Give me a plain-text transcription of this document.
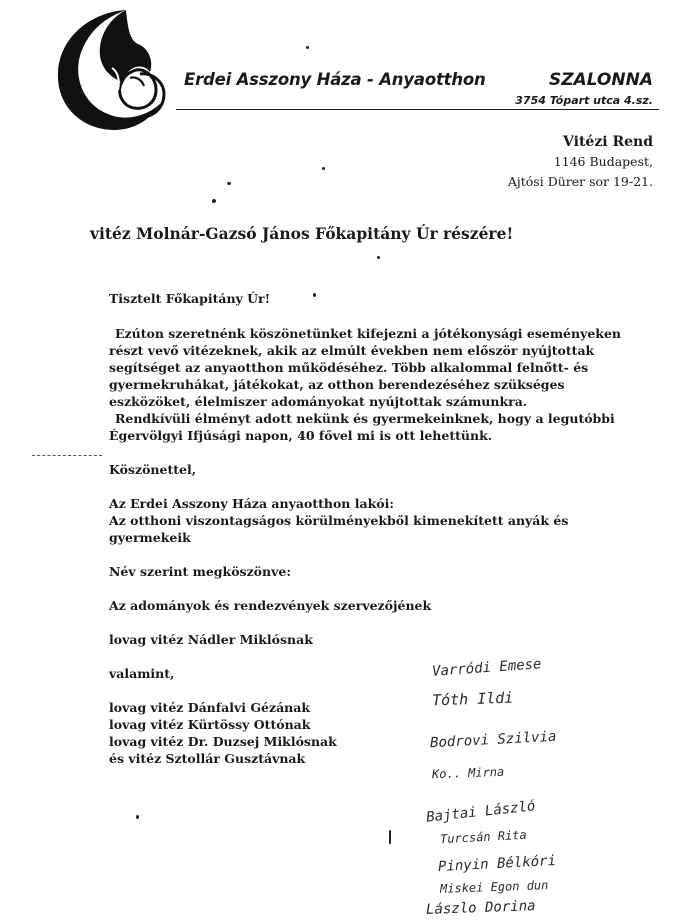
Erdei Asszony Háza - Anyaotthon	SZALONNA
3754 Tópart utca 4.sz.
Vitézi Rend
1146 Budapest,
Ajtósi Dürer sor 19-21.
vitéz Molnár-Gazsó János Főkapitány Úr részére!

Tisztelt Főkapitány Úr!

Ezúton szeretnénk köszönetünket kifejezni a jótékonysági eseményeken részt vevő vitézeknek, akik az elmúlt években nem először nyújtottak segítséget az anyaotthon működéséhez. Több alkalommal felnőtt- és gyermekruhákat, játékokat, az otthon berendezéséhez szükséges eszközöket, élelmiszer adományokat nyújtottak számunkra.

Rendkívüli élményt adott nekünk és gyermekeinknek, hogy a legutóbbi Égervölgyi Ifjúsági napon, 40 fővel mi is ott lehettünk.

Köszönettel,

Az Erdei Asszony Háza anyaotthon lakói:

Az otthoni viszontagságos körülményekből kimenekített anyák és gyermekeik

Név szerint megköszönve:

Az adományok és rendezvények szervezőjének

lovag vitéz Nádler Miklósnak

valamint,

lovag vitéz Dánfalvi Gézának

lovag vitéz Kürtössy Ottónak

lovag vitéz Dr. Duzsej Miklósnak

és vitéz Sztollár Gusztávnak

Varródi Emese
Tóth Ildi
Bodrovi Szilvia
Ko.. Mirna
Bajtai László
Turcsán Rita
Pinyin Bélkóri
Miskei Egon dun
Lászlo Dorina
